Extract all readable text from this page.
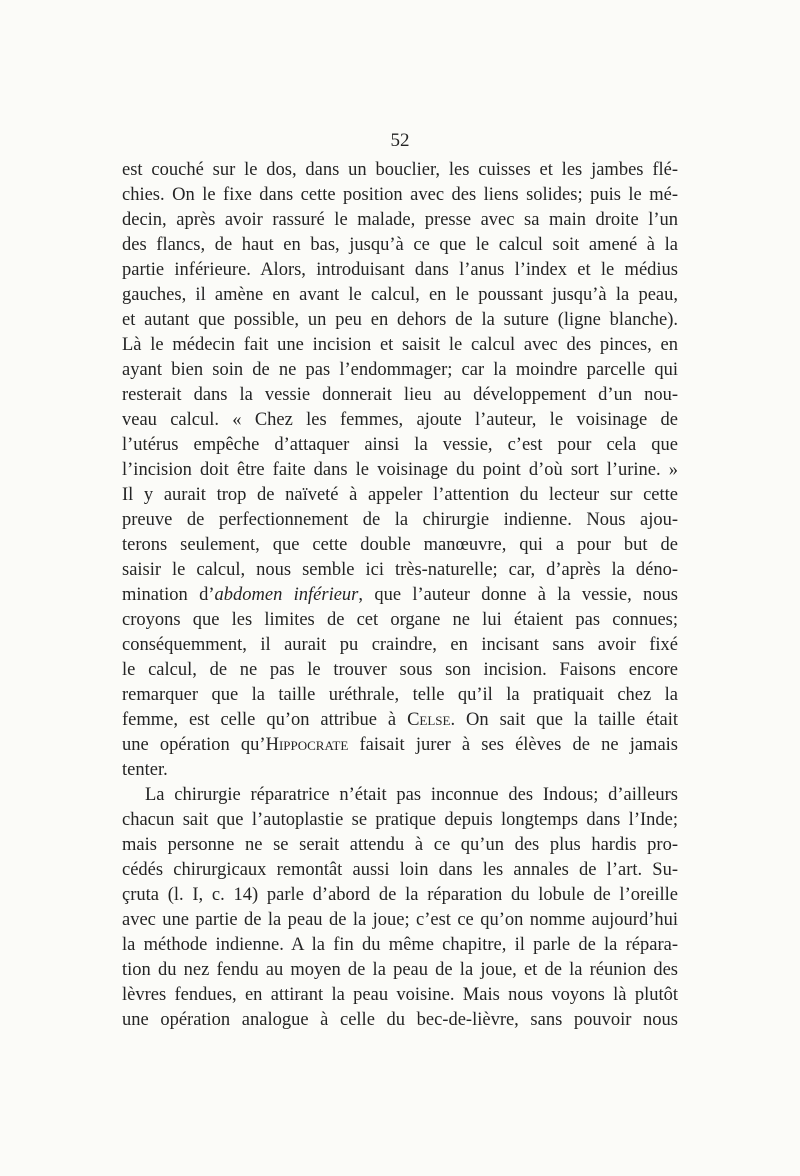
52
est couché sur le dos, dans un bouclier, les cuisses et les jambes flé-
chies. On le fixe dans cette position avec des liens solides; puis le mé-
decin, après avoir rassuré le malade, presse avec sa main droite l’un
des flancs, de haut en bas, jusqu’à ce que le calcul soit amené à la
partie inférieure. Alors, introduisant dans l’anus l’index et le médius
gauches, il amène en avant le calcul, en le poussant jusqu’à la peau,
et autant que possible, un peu en dehors de la suture (ligne blanche).
Là le médecin fait une incision et saisit le calcul avec des pinces, en
ayant bien soin de ne pas l’endommager; car la moindre parcelle qui
resterait dans la vessie donnerait lieu au développement d’un nou-
veau calcul. « Chez les femmes, ajoute l’auteur, le voisinage de
l’utérus empêche d’attaquer ainsi la vessie, c’est pour cela que
l’incision doit être faite dans le voisinage du point d’où sort l’urine. »
Il y aurait trop de naïveté à appeler l’attention du lecteur sur cette
preuve de perfectionnement de la chirurgie indienne. Nous ajou-
terons seulement, que cette double manœuvre, qui a pour but de
saisir le calcul, nous semble ici très-naturelle; car, d’après la déno-
mination d’abdomen inférieur, que l’auteur donne à la vessie, nous
croyons que les limites de cet organe ne lui étaient pas connues;
conséquemment, il aurait pu craindre, en incisant sans avoir fixé
le calcul, de ne pas le trouver sous son incision. Faisons encore
remarquer que la taille uréthrale, telle qu’il la pratiquait chez la
femme, est celle qu’on attribue à Celse. On sait que la taille était
une opération qu’Hippocrate faisait jurer à ses élèves de ne jamais
tenter.
La chirurgie réparatrice n’était pas inconnue des Indous; d’ailleurs
chacun sait que l’autoplastie se pratique depuis longtemps dans l’Inde;
mais personne ne se serait attendu à ce qu’un des plus hardis pro-
cédés chirurgicaux remontât aussi loin dans les annales de l’art. Su-
çruta (l. I, c. 14) parle d’abord de la réparation du lobule de l’oreille
avec une partie de la peau de la joue; c’est ce qu’on nomme aujourd’hui
la méthode indienne. A la fin du même chapitre, il parle de la répara-
tion du nez fendu au moyen de la peau de la joue, et de la réunion des
lèvres fendues, en attirant la peau voisine. Mais nous voyons là plutôt
une opération analogue à celle du bec-de-lièvre, sans pouvoir nous
